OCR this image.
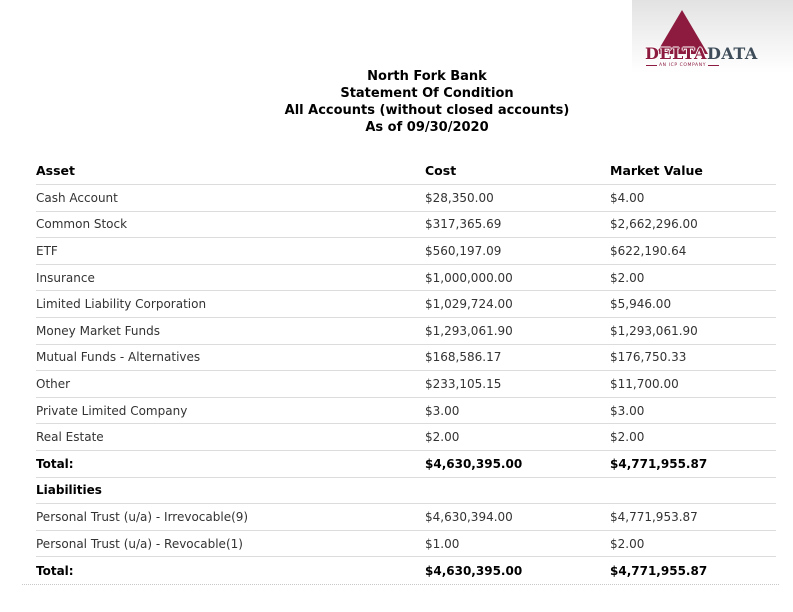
DELTADATA
AN ICP COMPANY
North Fork Bank
Statement Of Condition
All Accounts (without closed accounts)
As of 09/30/2020
Asset	Cost	Market Value
Cash Account	$28,350.00	$4.00
Common Stock	$317,365.69	$2,662,296.00
ETF	$560,197.09	$622,190.64
Insurance	$1,000,000.00	$2.00
Limited Liability Corporation	$1,029,724.00	$5,946.00
Money Market Funds	$1,293,061.90	$1,293,061.90
Mutual Funds - Alternatives	$168,586.17	$176,750.33
Other	$233,105.15	$11,700.00
Private Limited Company	$3.00	$3.00
Real Estate	$2.00	$2.00
Total:	$4,630,395.00	$4,771,955.87
Liabilities
Personal Trust (u/a) - Irrevocable(9)	$4,630,394.00	$4,771,953.87
Personal Trust (u/a) - Revocable(1)	$1.00	$2.00
Total:	$4,630,395.00	$4,771,955.87
